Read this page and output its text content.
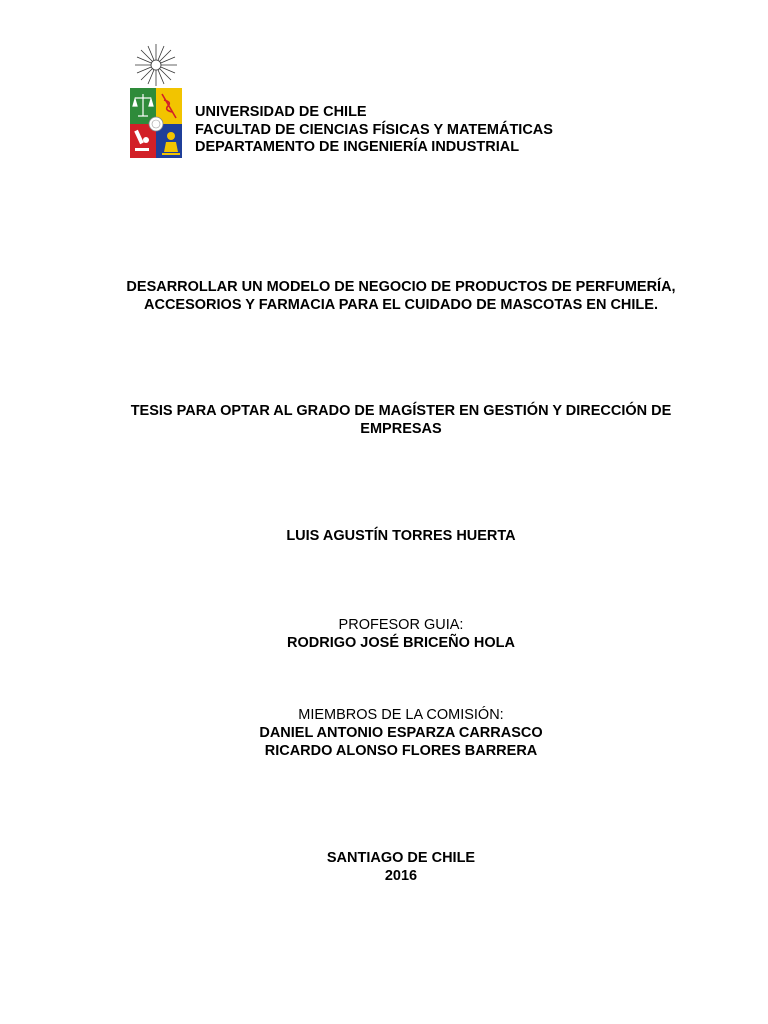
UNIVERSIDAD DE CHILE
FACULTAD DE CIENCIAS FÍSICAS Y MATEMÁTICAS
DEPARTAMENTO DE INGENIERÍA INDUSTRIAL
DESARROLLAR UN MODELO DE NEGOCIO DE PRODUCTOS DE PERFUMERÍA,
ACCESORIOS Y FARMACIA PARA EL CUIDADO DE MASCOTAS EN CHILE.
TESIS PARA OPTAR AL GRADO DE MAGÍSTER EN GESTIÓN Y DIRECCIÓN DE
EMPRESAS
LUIS AGUSTÍN TORRES HUERTA
PROFESOR GUIA:
RODRIGO JOSÉ BRICEÑO HOLA
MIEMBROS DE LA COMISIÓN:
DANIEL ANTONIO ESPARZA CARRASCO
RICARDO ALONSO FLORES BARRERA
SANTIAGO DE CHILE
2016
